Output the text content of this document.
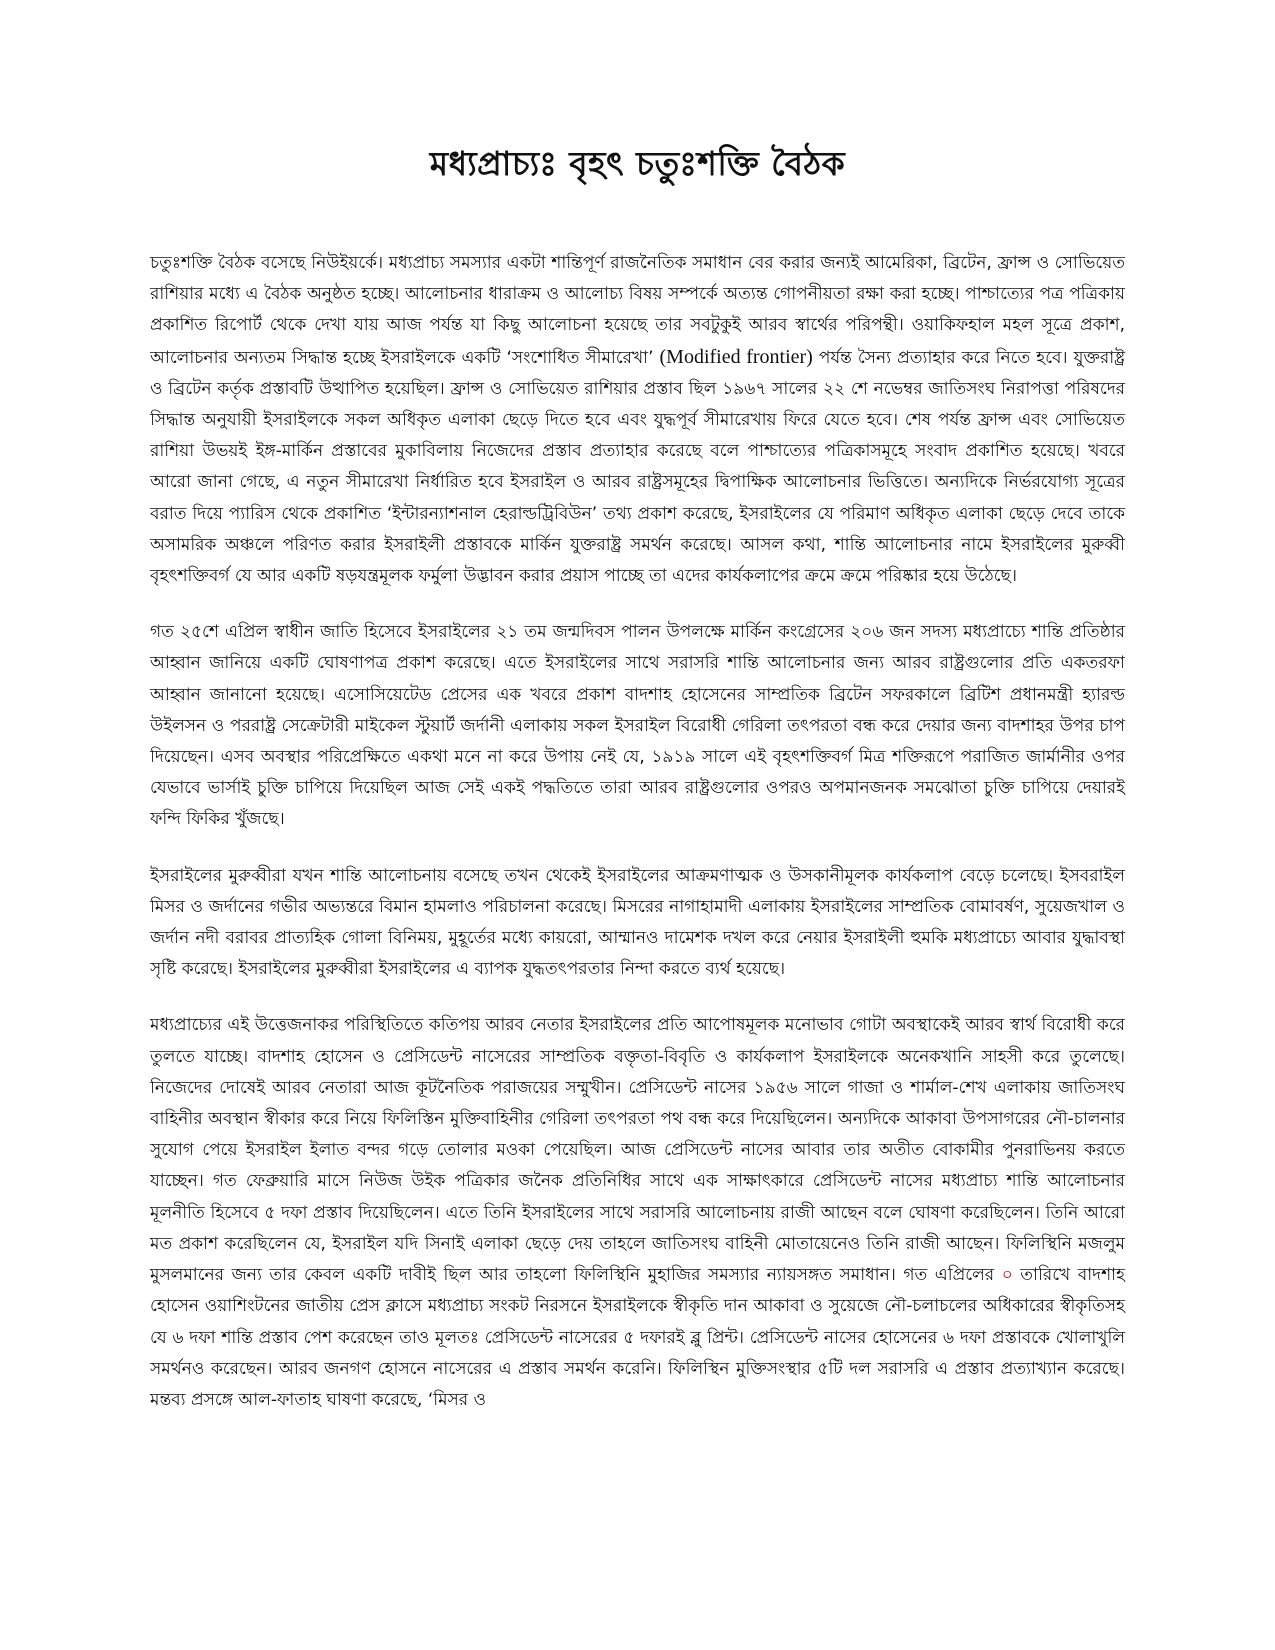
মধ্যপ্রাচ্যঃ বৃহৎ চতুঃশক্তি বৈঠক

চতুঃশক্তি বৈঠক বসেছে নিউইয়র্কে। মধ্যপ্রাচ্য সমস্যার একটা শান্তিপূর্ণ রাজনৈতিক সমাধান বের করার জন্যই আমেরিকা, ব্রিটেন, ফ্রান্স ও সোভিয়েত রাশিয়ার মধ্যে এ বৈঠক অনুষ্ঠত হচ্ছে। আলোচনার ধারাক্রম ও আলোচ্য বিষয় সম্পর্কে অত্যন্ত গোপনীয়তা রক্ষা করা হচ্ছে। পাশ্চাত্যের পত্র পত্রিকায় প্রকাশিত রিপোর্ট থেকে দেখা যায় আজ পর্যন্ত যা কিছু আলোচনা হয়েছে তার সবটুকুই আরব স্বার্থের পরিপন্থী। ওয়াকিফহাল মহল সূত্রে প্রকাশ, আলোচনার অন্যতম সিদ্ধান্ত হচ্ছে ইসরাইলকে একটি ‘সংশোধিত সীমারেখা’ (Modified frontier) পর্যন্ত সৈন্য প্রত্যাহার করে নিতে হবে। যুক্তরাষ্ট্র ও ব্রিটেন কর্তৃক প্রস্তাবটি উত্থাপিত হয়েছিল। ফ্রান্স ও সোভিয়েত রাশিয়ার প্রস্তাব ছিল ১৯৬৭ সালের ২২ শে নভেম্বর জাতিসংঘ নিরাপত্তা পরিষদের সিদ্ধান্ত অনুযায়ী ইসরাইলকে সকল অধিকৃত এলাকা ছেড়ে দিতে হবে এবং যুদ্ধপূর্ব সীমারেখায় ফিরে যেতে হবে। শেষ পর্যন্ত ফ্রান্স এবং সোভিয়েত রাশিয়া উভয়ই ইঙ্গ-মার্কিন প্রস্তাবের মুকাবিলায় নিজেদের প্রস্তাব প্রত্যাহার করেছে বলে পাশ্চাত্যের পত্রিকাসমূহে সংবাদ প্রকাশিত হয়েছে। খবরে আরো জানা গেছে, এ নতুন সীমারেখা নির্ধারিত হবে ইসরাইল ও আরব রাষ্ট্রসমূহের দ্বিপাক্ষিক আলোচনার ভিত্তিতে। অন্যদিকে নির্ভরযোগ্য সূত্রের বরাত দিয়ে প্যারিস থেকে প্রকাশিত ‘ইন্টারন্যাশনাল হেরাল্ডট্রিবিউন’ তথ্য প্রকাশ করেছে, ইসরাইলের যে পরিমাণ অধিকৃত এলাকা ছেড়ে দেবে তাকে অসামরিক অঞ্চলে পরিণত করার ইসরাইলী প্রস্তাবকে মার্কিন যুক্তরাষ্ট্র সমর্থন করেছে। আসল কথা, শান্তি আলোচনার নামে ইসরাইলের মুরুব্বী বৃহৎশক্তিবর্গ যে আর একটি ষড়যন্ত্রমূলক ফর্মুলা উদ্ভাবন করার প্রয়াস পাচ্ছে তা এদের কার্যকলাপের ক্রমে ক্রমে পরিষ্কার হয়ে উঠেছে।

গত ২৫শে এপ্রিল স্বাধীন জাতি হিসেবে ইসরাইলের ২১ তম জন্মদিবস পালন উপলক্ষে মার্কিন কংগ্রেসের ২০৬ জন সদস্য মধ্যপ্রাচ্যে শান্তি প্রতিষ্ঠার আহ্বান জানিয়ে একটি ঘোষণাপত্র প্রকাশ করেছে। এতে ইসরাইলের সাথে সরাসরি শান্তি আলোচনার জন্য আরব রাষ্ট্রগুলোর প্রতি একতরফা আহ্বান জানানো হয়েছে। এসোসিয়েটেড প্রেসের এক খবরে প্রকাশ বাদশাহ হোসেনের সাম্প্রতিক ব্রিটেন সফরকালে ব্রিটিশ প্রধানমন্ত্রী হ্যারল্ড উইলসন ও পররাষ্ট্র সেক্রেটারী মাইকেল স্টুয়ার্ট জর্দানী এলাকায় সকল ইসরাইল বিরোধী গেরিলা তৎপরতা বন্ধ করে দেয়ার জন্য বাদশাহর উপর চাপ দিয়েছেন। এসব অবস্থার পরিপ্রেক্ষিতে একথা মনে না করে উপায় নেই যে, ১৯১৯ সালে এই বৃহৎশক্তিবর্গ মিত্র শক্তিরূপে পরাজিত জার্মানীর ওপর যেভাবে ভার্সাই চুক্তি চাপিয়ে দিয়েছিল আজ সেই একই পদ্ধতিতে তারা আরব রাষ্ট্রগুলোর ওপরও অপমানজনক সমঝোতা চুক্তি চাপিয়ে দেয়ারই ফন্দি ফিকির খুঁজছে।

ইসরাইলের মুরুব্বীরা যখন শান্তি আলোচনায় বসেছে তখন থেকেই ইসরাইলের আক্রমণাত্মক ও উসকানীমূলক কার্যকলাপ বেড়ে চলেছে। ইসবরাইল মিসর ও জর্দানের গভীর অভ্যন্তরে বিমান হামলাও পরিচালনা করেছে। মিসরের নাগাহামাদী এলাকায় ইসরাইলের সাম্প্রতিক বোমাবর্ষণ, সুয়েজখাল ও জর্দান নদী বরাবর প্রাত্যহিক গোলা বিনিময়, মুহূর্তের মধ্যে কায়রো, আম্মানও দামেশক দখল করে নেয়ার ইসরাইলী হুমকি মধ্যপ্রাচ্যে আবার যুদ্ধাবস্থা সৃষ্টি করেছে। ইসরাইলের মুরুব্বীরা ইসরাইলের এ ব্যাপক যুদ্ধতৎপরতার নিন্দা করতে ব্যর্থ হয়েছে।

মধ্যপ্রাচ্যের এই উত্তেজনাকর পরিস্থিতিতে কতিপয় আরব নেতার ইসরাইলের প্রতি আপোষমূলক মনোভাব গোটা অবস্থাকেই আরব স্বার্থ বিরোধী করে তুলতে যাচ্ছে। বাদশাহ হোসেন ও প্রেসিডেন্ট নাসেরের সাম্প্রতিক বক্তৃতা-বিবৃতি ও কার্যকলাপ ইসরাইলকে অনেকখানি সাহসী করে তুলেছে। নিজেদের দোষেই আরব নেতারা আজ কূটনৈতিক পরাজয়ের সম্মুখীন। প্রেসিডেন্ট নাসের ১৯৫৬ সালে গাজা ও শার্মাল-শেখ এলাকায় জাতিসংঘ বাহিনীর অবস্থান স্বীকার করে নিয়ে ফিলিস্তিন মুক্তিবাহিনীর গেরিলা তৎপরতা পথ বন্ধ করে দিয়েছিলেন। অন্যদিকে আকাবা উপসাগরের নৌ-চালনার সুযোগ পেয়ে ইসরাইল ইলাত বন্দর গড়ে তোলার মওকা পেয়েছিল। আজ প্রেসিডেন্ট নাসের আবার তার অতীত বোকামীর পুনরাভিনয় করতে যাচ্ছেন। গত ফেব্রুয়ারি মাসে নিউজ উইক পত্রিকার জনৈক প্রতিনিধির সাথে এক সাক্ষাৎকারে প্রেসিডেন্ট নাসের মধ্যপ্রাচ্য শান্তি আলোচনার মূলনীতি হিসেবে ৫ দফা প্রস্তাব দিয়েছিলেন। এতে তিনি ইসরাইলের সাথে সরাসরি আলোচনায় রাজী আছেন বলে ঘোষণা করেছিলেন। তিনি আরো মত প্রকাশ করেছিলেন যে, ইসরাইল যদি সিনাই এলাকা ছেড়ে দেয় তাহলে জাতিসংঘ বাহিনী মোতায়েনেও তিনি রাজী আছেন। ফিলিস্থিনি মজলুম মুসলমানের জন্য তার কেবল একটি দাবীই ছিল আর তাহলো ফিলিস্থিনি মুহাজির সমস্যার ন্যায়সঙ্গত সমাধান। গত এপ্রিলের ০ তারিখে বাদশাহ হোসেন ওয়াশিংটনের জাতীয় প্রেস ক্লাসে মধ্যপ্রাচ্য সংকট নিরসনে ইসরাইলকে স্বীকৃতি দান আকাবা ও সুয়েজে নৌ-চলাচলের অধিকারের স্বীকৃতিসহ যে ৬ দফা শান্তি প্রস্তাব পেশ করেছেন তাও মূলতঃ প্রেসিডেন্ট নাসেরের ৫ দফারই ব্লু প্রিন্ট। প্রেসিডেন্ট নাসের হোসেনের ৬ দফা প্রস্তাবকে খোলাখুলি সমর্থনও করেছেন। আরব জনগণ হোসনে নাসেরের এ প্রস্তাব সমর্থন করেনি। ফিলিস্থিন মুক্তিসংস্থার ৫টি দল সরাসরি এ প্রস্তাব প্রত্যাখ্যান করেছে। মন্তব্য প্রসঙ্গে আল-ফাতাহ ঘাষণা করেছে, ‘মিসর ও
